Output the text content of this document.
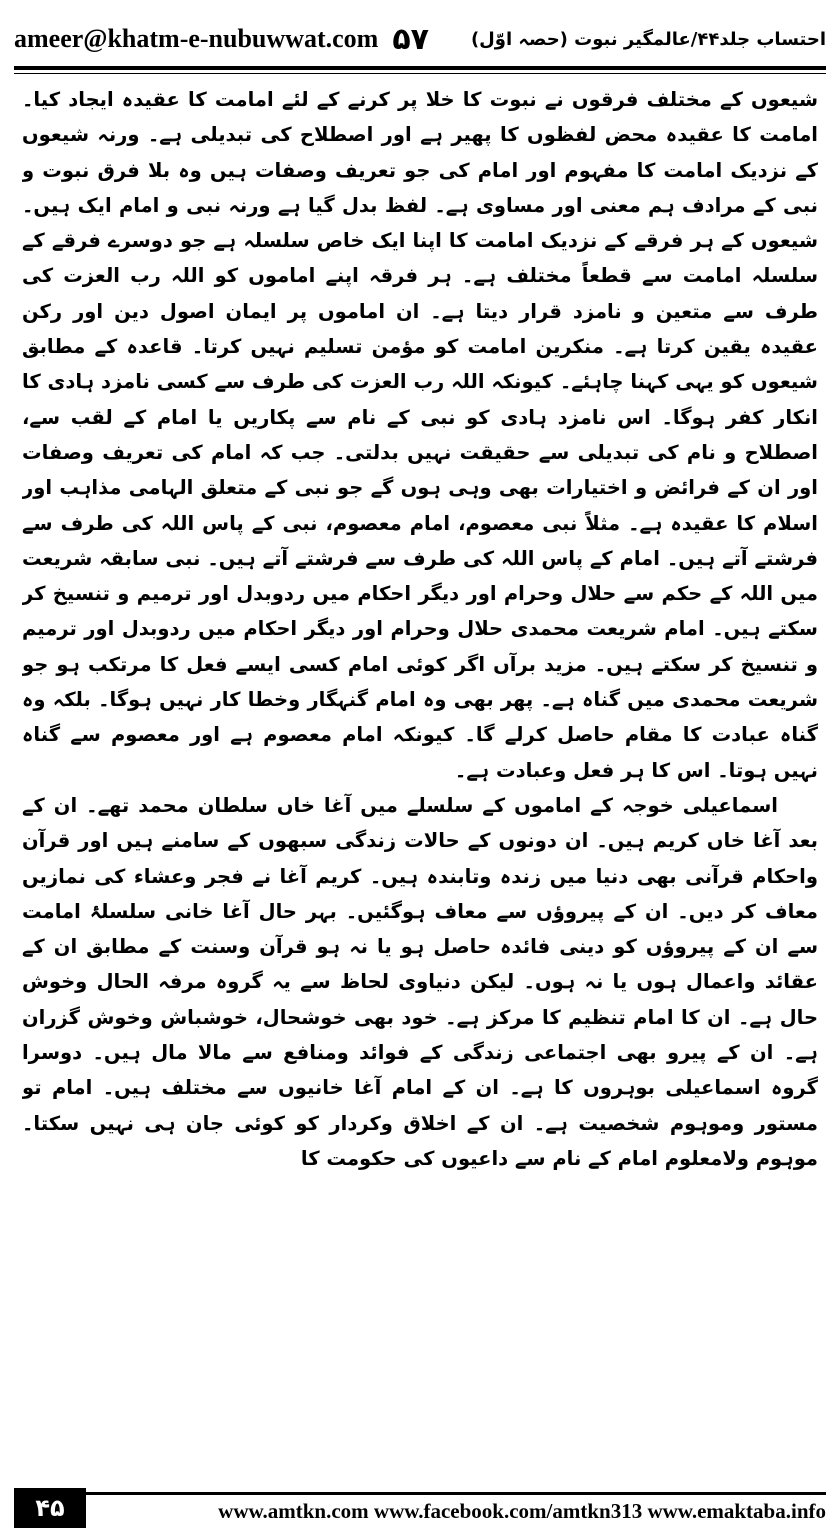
ameer@khatm-e-nubuwwat.com ۵۷ احتساب جلد۴۴/عالمگیر نبوت (حصہ اوّل)

شیعوں کے مختلف فرقوں نے نبوت کا خلا پر کرنے کے لئے امامت کا عقیدہ ایجاد کیا۔ امامت کا عقیدہ محض لفظوں کا پھیر ہے اور اصطلاح کی تبدیلی ہے۔ ورنہ شیعوں کے نزدیک امامت کا مفہوم اور امام کی جو تعریف وصفات ہیں وہ بلا فرق نبوت و نبی کے مرادف ہم معنی اور مساوی ہے۔ لفظ بدل گیا ہے ورنہ نبی و امام ایک ہیں۔ شیعوں کے ہر فرقے کے نزدیک امامت کا اپنا ایک خاص سلسلہ ہے جو دوسرے فرقے کے سلسلہ امامت سے قطعاً مختلف ہے۔ ہر فرقہ اپنے اماموں کو اللہ رب العزت کی طرف سے متعین و نامزد قرار دیتا ہے۔ ان اماموں پر ایمان اصول دین اور رکن عقیدہ یقین کرتا ہے۔ منکرین امامت کو مؤمن تسلیم نہیں کرتا۔ قاعدہ کے مطابق شیعوں کو یہی کہنا چاہئے۔ کیونکہ اللہ رب العزت کی طرف سے کسی نامزد ہادی کا انکار کفر ہوگا۔ اس نامزد ہادی کو نبی کے نام سے پکاریں یا امام کے لقب سے، اصطلاح و نام کی تبدیلی سے حقیقت نہیں بدلتی۔ جب کہ امام کی تعریف وصفات اور ان کے فرائض و اختیارات بھی وہی ہوں گے جو نبی کے متعلق الہامی مذاہب اور اسلام کا عقیدہ ہے۔ مثلاً نبی معصوم، امام معصوم، نبی کے پاس اللہ کی طرف سے فرشتے آتے ہیں۔ امام کے پاس اللہ کی طرف سے فرشتے آتے ہیں۔ نبی سابقہ شریعت میں اللہ کے حکم سے حلال وحرام اور دیگر احکام میں ردوبدل اور ترمیم و تنسیخ کر سکتے ہیں۔ امام شریعت محمدی حلال وحرام اور دیگر احکام میں ردوبدل اور ترمیم و تنسیخ کر سکتے ہیں۔ مزید برآں اگر کوئی امام کسی ایسے فعل کا مرتکب ہو جو شریعت محمدی میں گناہ ہے۔ پھر بھی وہ امام گنہگار وخطا کار نہیں ہوگا۔ بلکہ وہ گناہ عبادت کا مقام حاصل کرلے گا۔ کیونکہ امام معصوم ہے اور معصوم سے گناہ نہیں ہوتا۔ اس کا ہر فعل وعبادت ہے۔

اسماعیلی خوجہ کے اماموں کے سلسلے میں آغا خاں سلطان محمد تھے۔ ان کے بعد آغا خاں کریم ہیں۔ ان دونوں کے حالات زندگی سبھوں کے سامنے ہیں اور قرآن واحکام قرآنی بھی دنیا میں زندہ وتابندہ ہیں۔ کریم آغا نے فجر وعشاء کی نمازیں معاف کر دیں۔ ان کے پیروؤں سے معاف ہوگئیں۔ بہر حال آغا خانی سلسلۂ امامت سے ان کے پیروؤں کو دینی فائدہ حاصل ہو یا نہ ہو قرآن وسنت کے مطابق ان کے عقائد واعمال ہوں یا نہ ہوں۔ لیکن دنیاوی لحاظ سے یہ گروہ مرفہ الحال وخوش حال ہے۔ ان کا امام تنظیم کا مرکز ہے۔ خود بھی خوشحال، خوشباش وخوش گزران ہے۔ ان کے پیرو بھی اجتماعی زندگی کے فوائد ومنافع سے مالا مال ہیں۔ دوسرا گروہ اسماعیلی بوہروں کا ہے۔ ان کے امام آغا خانیوں سے مختلف ہیں۔ امام تو مستور وموہوم شخصیت ہے۔ ان کے اخلاق وکردار کو کوئی جان ہی نہیں سکتا۔ موہوم ولامعلوم امام کے نام سے داعیوں کی حکومت کا

۴۵	www.amtkn.com www.facebook.com/amtkn313 www.emaktaba.info
